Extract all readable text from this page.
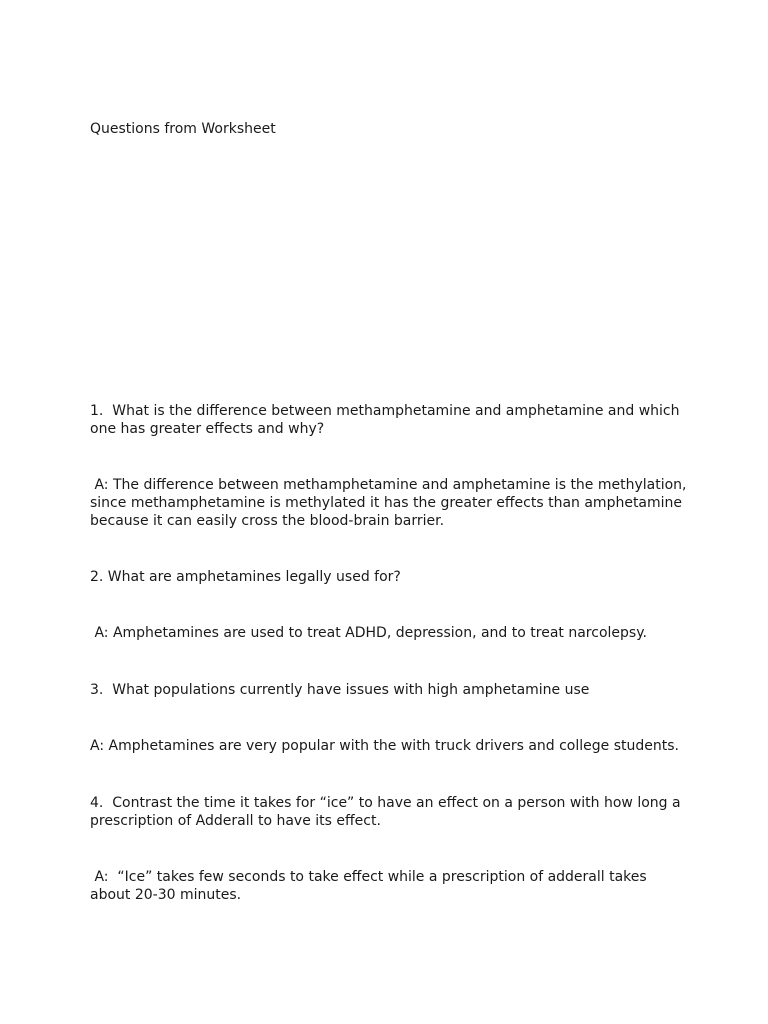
Questions from Worksheet

1.  What is the difference between methamphetamine and amphetamine and which one has greater effects and why?

A: The difference between methamphetamine and amphetamine is the methylation, since methamphetamine is methylated it has the greater effects than amphetamine  because it can easily cross the blood-brain barrier.

2. What are amphetamines legally used for?

A: Amphetamines are used to treat ADHD, depression, and to treat narcolepsy.

3.  What populations currently have issues with high amphetamine use

A: Amphetamines are very popular with the with truck drivers and college students.

4.  Contrast the time it takes for “ice” to have an effect on a person with how long a prescription of Adderall to have its effect.

A:  “Ice” takes few seconds to take effect while a prescription of adderall takes about 20-30 minutes.
